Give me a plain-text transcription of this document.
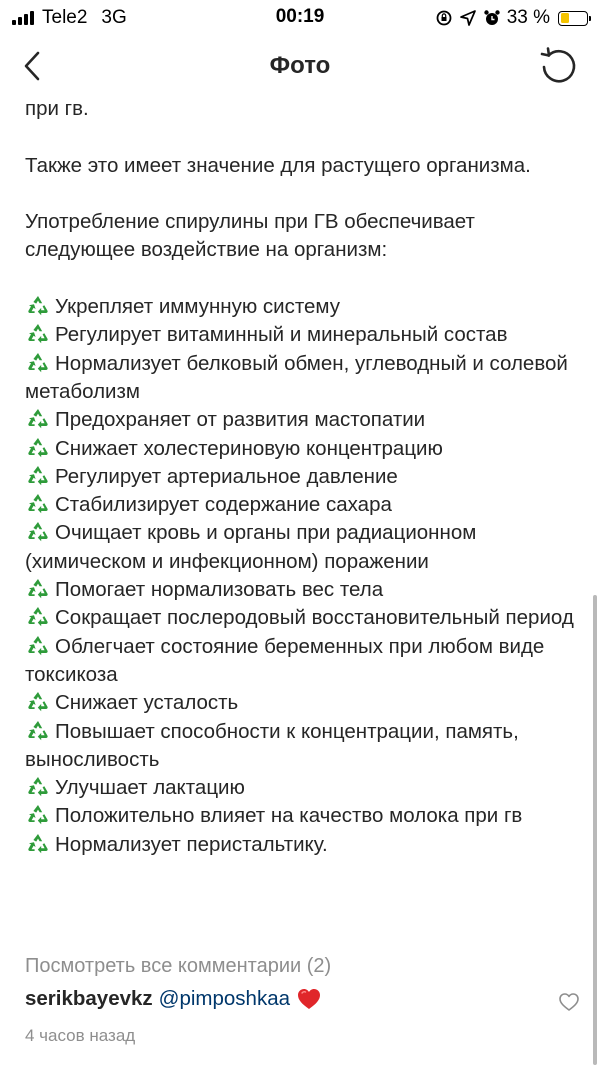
Tele2 3G	00:19	33 %
Фото
при гв.
Также это имеет значение для растущего организма.
Употребление спирулины при ГВ обеспечивает следующее воздействие на организм:
Укрепляет иммунную систему
Регулирует витаминный и минеральный состав
Нормализует белковый обмен, углеводный и солевой метаболизм
Предохраняет от развития мастопатии
Снижает холестериновую концентрацию
Регулирует артериальное давление
Стабилизирует содержание сахара
Очищает кровь и органы при радиационном (химическом и инфекционном) поражении
Помогает нормализовать вес тела
Сокращает послеродовый восстановительный период
Облегчает состояние беременных при любом виде токсикоза
Снижает усталость
Повышает способности к концентрации, память, выносливость
Улучшает лактацию
Положительно влияет на качество молока при гв
Нормализует перистальтику.
Посмотреть все комментарии (2)
serikbayevkz @pimposhkaa
4 часов назад
